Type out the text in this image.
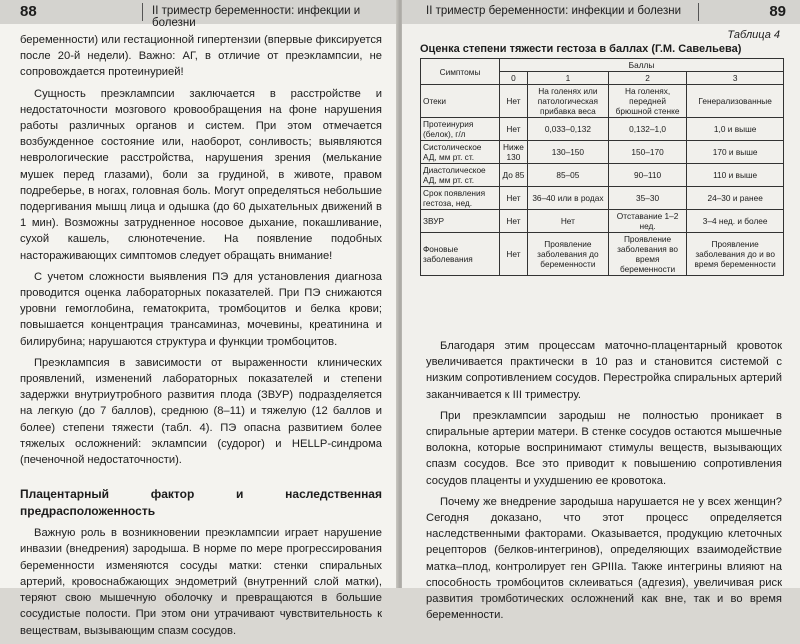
88	II триместр беременности: инфекции и болезни

беременности) или гестационной гипертензии (впервые фиксируется после 20-й недели). Важно: АГ, в отличие от преэклампсии, не сопровождается протеинурией!

Сущность преэклампсии заключается в расстройстве и недостаточности мозгового кровообращения на фоне нарушения работы различных органов и систем. При этом отмечается возбужденное состояние или, наоборот, сонливость; выявляются неврологические расстройства, нарушения зрения (мелькание мушек перед глазами), боли за грудиной, в животе, правом подреберье, в ногах, головная боль. Могут определяться небольшие подергивания мышц лица и одышка (до 60 дыхательных движений в 1 мин). Возможны затрудненное носовое дыхание, покашливание, сухой кашель, слюнотечение. На появление подобных настораживающих симптомов следует обращать внимание!

С учетом сложности выявления ПЭ для установления диагноза проводится оценка лабораторных показателей. При ПЭ снижаются уровни гемоглобина, гематокрита, тромбоцитов и белка крови; повышается концентрация трансаминаз, мочевины, креатинина и билирубина; нарушаются структура и функции тромбоцитов.

Преэклампсия в зависимости от выраженности клинических проявлений, изменений лабораторных показателей и степени задержки внутриутробного развития плода (ЗВУР) подразделяется на легкую (до 7 баллов), среднюю (8–11) и тяжелую (12 баллов и более) степени тяжести (табл. 4). ПЭ опасна развитием более тяжелых осложнений: эклампсии (судорог) и HELLP-синдрома (печеночной недостаточности).

Плацентарный фактор и наследственная предрасположенность

Важную роль в возникновении преэклампсии играет нарушение инвазии (внедрения) зародыша. В норме по мере прогрессирования беременности изменяются сосуды матки: стенки спиральных артерий, кровоснабжающих эндометрий (внутренний слой матки), теряют свою мышечную оболочку и превращаются в большие сосудистые полости. При этом они утрачивают чувствительность к веществам, вызывающим спазм сосудов.

II триместр беременности: инфекции и болезни	89
Таблица 4
Оценка степени тяжести гестоза в баллах (Г.М. Савельева)
Симптомы	Баллы			
	0	1	2	3
Отеки	Нет	На голенях или патологическая прибавка веса	На голенях, передней брюшной стенке	Генерализованные
Протеинурия (белок), г/л	Нет	0,033–0,132	0,132–1,0	1,0 и выше
Систолическое АД, мм рт. ст.	Ниже 130	130–150	150–170	170 и выше
Диастолическое АД, мм рт. ст.	До 85	85–05	90–110	110 и выше
Срок появления гестоза, нед.	Нет	36–40 или в родах	35–30	24–30 и ранее
ЗВУР	Нет	Нет	Отставание 1–2 нед.	3–4 нед. и более
Фоновые заболевания	Нет	Проявление заболевания до беременности	Проявление заболевания во время беременности	Проявление заболевания до и во время беременности

Благодаря этим процессам маточно-плацентарный кровоток увеличивается практически в 10 раз и становится системой с низким сопротивлением сосудов. Перестройка спиральных артерий заканчивается к III триместру.

При преэклампсии зародыш не полностью проникает в спиральные артерии матери. В стенке сосудов остаются мышечные волокна, которые воспринимают стимулы веществ, вызывающих спазм сосудов. Все это приводит к повышению сопротивления сосудов плаценты и ухудшению ее кровотока.

Почему же внедрение зародыша нарушается не у всех женщин? Сегодня доказано, что этот процесс определяется наследственными факторами. Оказывается, продукцию клеточных рецепторов (белков-интегринов), определяющих взаимодействие матка–плод, контролирует ген GPIIIa. Также интегрины влияют на способность тромбоцитов склеиваться (адгезия), увеличивая риск развития тромботических осложнений как вне, так и во время беременности.
